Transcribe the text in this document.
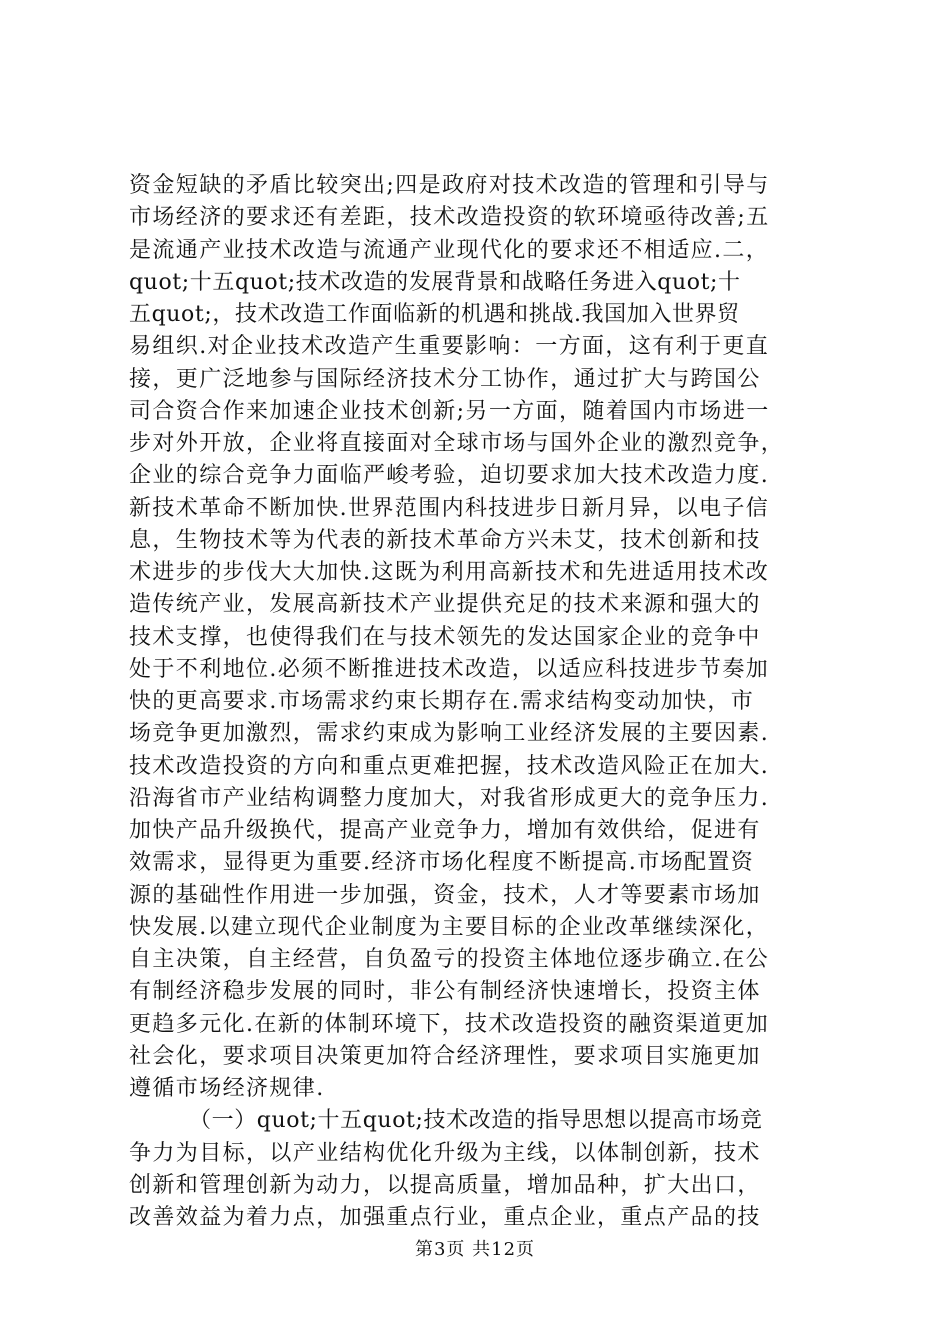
资金短缺的矛盾比较突出;四是政府对技术改造的管理和引导与
市场经济的要求还有差距，技术改造投资的软环境亟待改善;五
是流通产业技术改造与流通产业现代化的要求还不相适应.二，
quot;十五quot;技术改造的发展背景和战略任务进入quot;十
五quot;，技术改造工作面临新的机遇和挑战.我国加入世界贸
易组织.对企业技术改造产生重要影响：一方面，这有利于更直
接，更广泛地参与国际经济技术分工协作，通过扩大与跨国公
司合资合作来加速企业技术创新;另一方面，随着国内市场进一
步对外开放，企业将直接面对全球市场与国外企业的激烈竞争，
企业的综合竞争力面临严峻考验，迫切要求加大技术改造力度.
新技术革命不断加快.世界范围内科技进步日新月异，以电子信
息，生物技术等为代表的新技术革命方兴未艾，技术创新和技
术进步的步伐大大加快.这既为利用高新技术和先进适用技术改
造传统产业，发展高新技术产业提供充足的技术来源和强大的
技术支撑，也使得我们在与技术领先的发达国家企业的竞争中
处于不利地位.必须不断推进技术改造，以适应科技进步节奏加
快的更高要求.市场需求约束长期存在.需求结构变动加快，市
场竞争更加激烈，需求约束成为影响工业经济发展的主要因素.
技术改造投资的方向和重点更难把握，技术改造风险正在加大.
沿海省市产业结构调整力度加大，对我省形成更大的竞争压力.
加快产品升级换代，提高产业竞争力，增加有效供给，促进有
效需求，显得更为重要.经济市场化程度不断提高.市场配置资
源的基础性作用进一步加强，资金，技术，人才等要素市场加
快发展.以建立现代企业制度为主要目标的企业改革继续深化，
自主决策，自主经营，自负盈亏的投资主体地位逐步确立.在公
有制经济稳步发展的同时，非公有制经济快速增长，投资主体
更趋多元化.在新的体制环境下，技术改造投资的融资渠道更加
社会化，要求项目决策更加符合经济理性，要求项目实施更加
遵循市场经济规律.
（一）quot;十五quot;技术改造的指导思想以提高市场竞
争力为目标，以产业结构优化升级为主线，以体制创新，技术
创新和管理创新为动力，以提高质量，增加品种，扩大出口，
改善效益为着力点，加强重点行业，重点企业，重点产品的技
第3页 共12页
